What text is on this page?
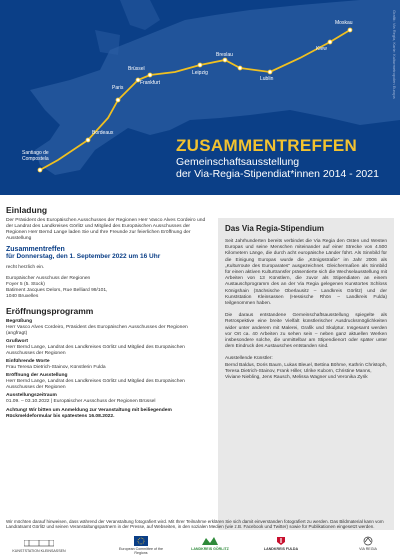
Moskau
Kiew
Breslau
Leipzig
Lublin
Frankfurt
Brüssel
Paris
Bordeaux
Santiago de
Compostela
Grafik: Via Regia, Karte: Kulturmetropolen Europa
ZUSAMMENTREFFEN
Gemeinschaftsausstellung
der Via-Regia-Stipendiat*innen 2014 - 2021
Einladung
Der Präsident des Europäischen Ausschusses der Regionen Herr Vasco Alves Cordeiro und der Landrat des Landkreises Görlitz und Mitglied des Europäischen Ausschusses der Regionen Herr Bernd Lange laden Sie und Ihre Freunde zur feierlichen Eröffnung der Ausstellung
Zusammentreffen
für Donnerstag, den 1. September 2022 um 16 Uhr
recht herzlich ein.
Europäischer Ausschuss der Regionen
Foyer 5 (5. Stock)
Batiment Jacques Delors, Rue Belliard 99/101,
1040 Bruxelles
Eröffnungsprogramm
Begrüßung
Herr Vasco Alves Cordeiro, Präsident des Europäischen Ausschusses der Regionen (angfragt)
Grußwort
Herr Bernd Lange, Landrat des Landkreises Görlitz und Mitglied des Europäischen Ausschusses der Regionen
Einführende Worte
Frau Teresa Dietrich-Stainov, Künstlerin Fulda
Eröffnung der Ausstellung
Herr Bernd Lange, Landrat des Landkreises Görlitz und Mitglied des Europäischen Ausschusses der Regionen
Ausstellungszeitraum
01.09. – 03.10.2022 | Europäischer Ausschuss der Regionen Brüssel
Achtung! Wir bitten um Anmeldung zur Veranstaltung mit beiliegendem Rückmeldeformular bis spätestens 16.08.2022.
Das Via Regia-Stipendium
Seit Jahrhunderten bereits verbindet die Via Regia den Osten und Westen Europas und seine Menschen miteinander auf einer Strecke von 4.500 Kilometern Länge, die durch acht europäische Länder führt. Als Sinnbild für die Einigung Europas wurde die „Königsstraße" im Jahr 2006 als „Kulturroute des Europarates" ausgezeichnet. Gleichermaßen als Sinnbild für einen aktiven Kulturtransfer präsentierte sich die Wechselausstellung mit Arbeiten von 13 Künstlern, die zuvor als Stipendiaten an einem Austauschprogramm des an der Via Regia gelegenen Kunstortes Schloss Königshain (Sächsische Oberlausitz – Landkreis Görlitz) und der Kunststation Kleinsassen (Hessische Rhön – Landkreis Fulda) teilgenommen haben.
Die daraus entstandene Gemeinschaftsausstellung spiegelte als Retrospektive eine breite Vielfalt künstlerischer Ausdrucksmöglichkeiten wider unter anderem mit Malerei, Grafik und Skulptur. Insgesamt werden vor Ort ca. 40 Arbeiten zu sehen sein – neben ganz aktuellen Werken insbesondere solche, die unmittelbar am Stipendienort oder später unter dem Eindruck des Austausches entstanden sind.
Ausstellende Künstler:
Bernd Baldus, Doris Baum, Lukas Bleuel, Bettina Böhme, Kathrin Christoph, Teresa Dietrich-Stainov, Frank Hiller, Ulrike Kuborn, Christine Manns, Viviane Niebling, Jens Rausch, Melissa Wagner und Veronika Zyrik
Wir möchten darauf hinweisen, dass während der Veranstaltung fotografiert wird. Mit Ihrer Teilnahme erklären Sie sich damit einverstanden fotografiert zu werden. Das Bildmaterial kann vom Landratsamt Görlitz und seinen Veranstaltungspartnern in der Presse, auf Webseiten, in den sozialen Medien (wie z.B. Facebook und Twitter) sowie für Publikationen eingesetzt werden.
KUNSTSTATION KLEINSASSEN	European Committee of the Regions
LANDKREIS GÖRLITZ	LANDKREIS FULDA	VIA REGIA
